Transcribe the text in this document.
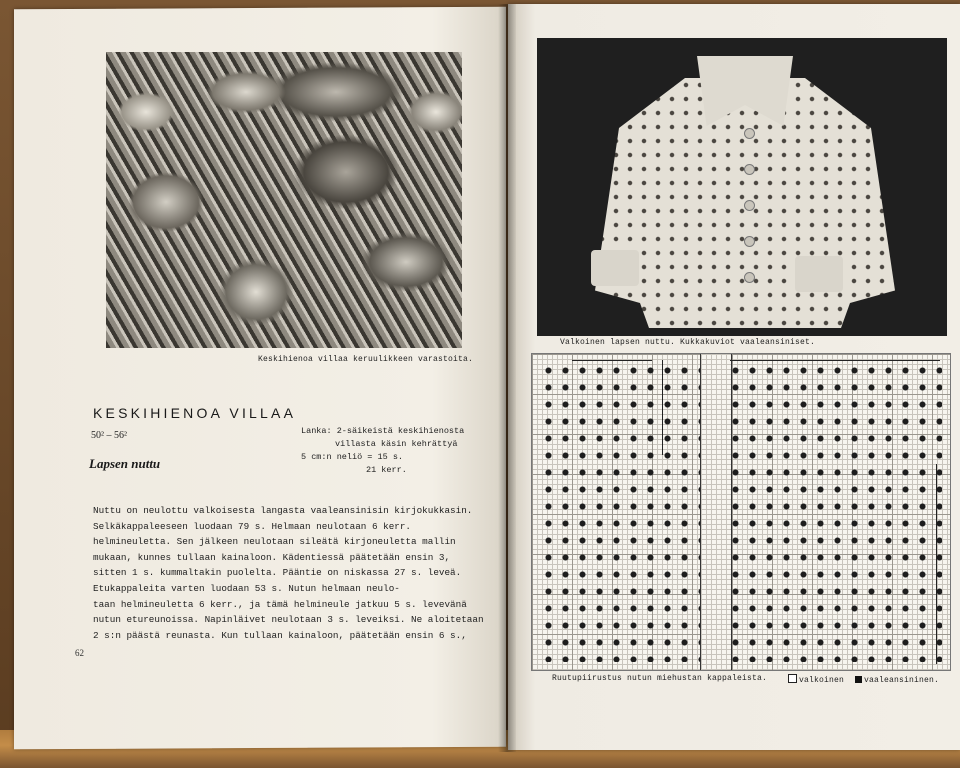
Keskihienoa villaa keruulikkeen varastoita.
KESKIHIENOA VILLAA
50² – 56²
Lapsen nuttu
Lanka: 2-säikeistä keskihienosta
villasta käsin kehrättyä
5 cm:n neliö = 15 s.
21 kerr.
Nuttu on neulottu valkoisesta langasta vaaleansinisin kirjokukkasin.
Selkäkappaleeseen luodaan 79 s. Helmaan neulotaan 6 kerr.
helmineuletta. Sen jälkeen neulotaan sileätä kirjoneuletta mallin
mukaan, kunnes tullaan kainaloon. Kädentiessä päätetään ensin 3,
sitten 1 s. kummaltakin puolelta. Pääntie on niskassa 27 s. leveä.
Etukappaleita varten luodaan 53 s. Nutun helmaan neulo-
taan helmineuletta 6 kerr., ja tämä helmineule jatkuu 5 s. levevänä
nutun etureunoissa. Napinläivet neulotaan 3 s. leveiksi. Ne aloitetaan
2 s:n päästä reunasta. Kun tullaan kainaloon, päätetään ensin 6 s.,
62
Valkoinen lapsen nuttu. Kukkakuviot vaaleansiniset.
Ruutupiirustus nutun miehustan kappaleista.	valkoinen	vaaleansininen.
